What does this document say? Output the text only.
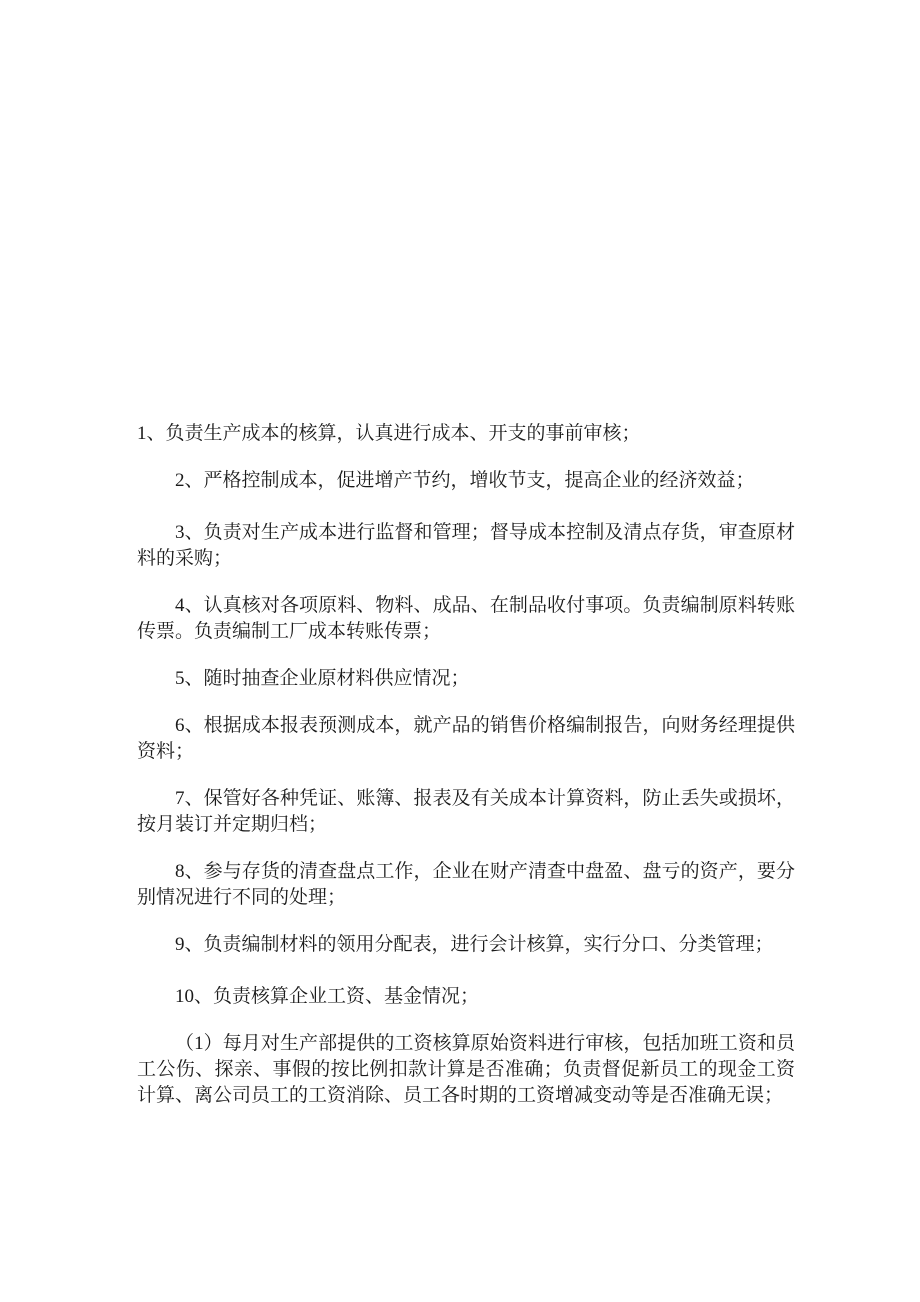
1、负责生产成本的核算，认真进行成本、开支的事前审核；

2、严格控制成本，促进增产节约，增收节支，提高企业的经济效益；

3、负责对生产成本进行监督和管理；督导成本控制及清点存货，审查原材料的采购；

4、认真核对各项原料、物料、成品、在制品收付事项。负责编制原料转账传票。负责编制工厂成本转账传票；

5、随时抽查企业原材料供应情况；

6、根据成本报表预测成本，就产品的销售价格编制报告，向财务经理提供资料；

7、保管好各种凭证、账簿、报表及有关成本计算资料，防止丢失或损坏，按月装订并定期归档；

8、参与存货的清查盘点工作，企业在财产清查中盘盈、盘亏的资产，要分别情况进行不同的处理；

9、负责编制材料的领用分配表，进行会计核算，实行分口、分类管理；

10、负责核算企业工资、基金情况；

（1）每月对生产部提供的工资核算原始资料进行审核，包括加班工资和员工公伤、探亲、事假的按比例扣款计算是否准确；负责督促新员工的现金工资计算、离公司员工的工资消除、员工各时期的工资增减变动等是否准确无误；
